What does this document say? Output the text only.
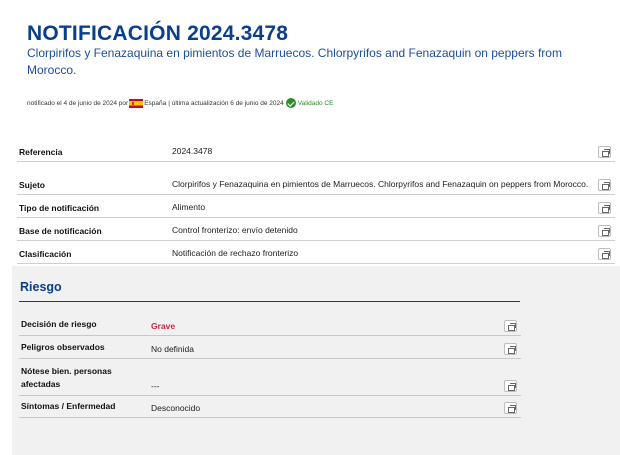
NOTIFICACIÓN 2024.3478
Clorpirifos y Fenazaquina en pimientos de Marruecos. Chlorpyrifos and Fenazaquin on peppers from Morocco.
notificado el 4 de junio de 2024 por España | última actualización 6 de junio de 2024 Validado CE
Referencia	2024.3478	
Sujeto	Clorpirifos y Fenazaquina en pimientos de Marruecos. Chlorpyrifos and Fenazaquin on peppers from Morocco.	
Tipo de notificación	Alimento	
Base de notificación	Control fronterizo: envío detenido	
Clasificación	Notificación de rechazo fronterizo	
Riesgo
Decisión de riesgo	Grave	
Peligros observados	No definida	
Nótese bien. personas afectadas	---	
Síntomas / Enfermedad	Desconocido	
